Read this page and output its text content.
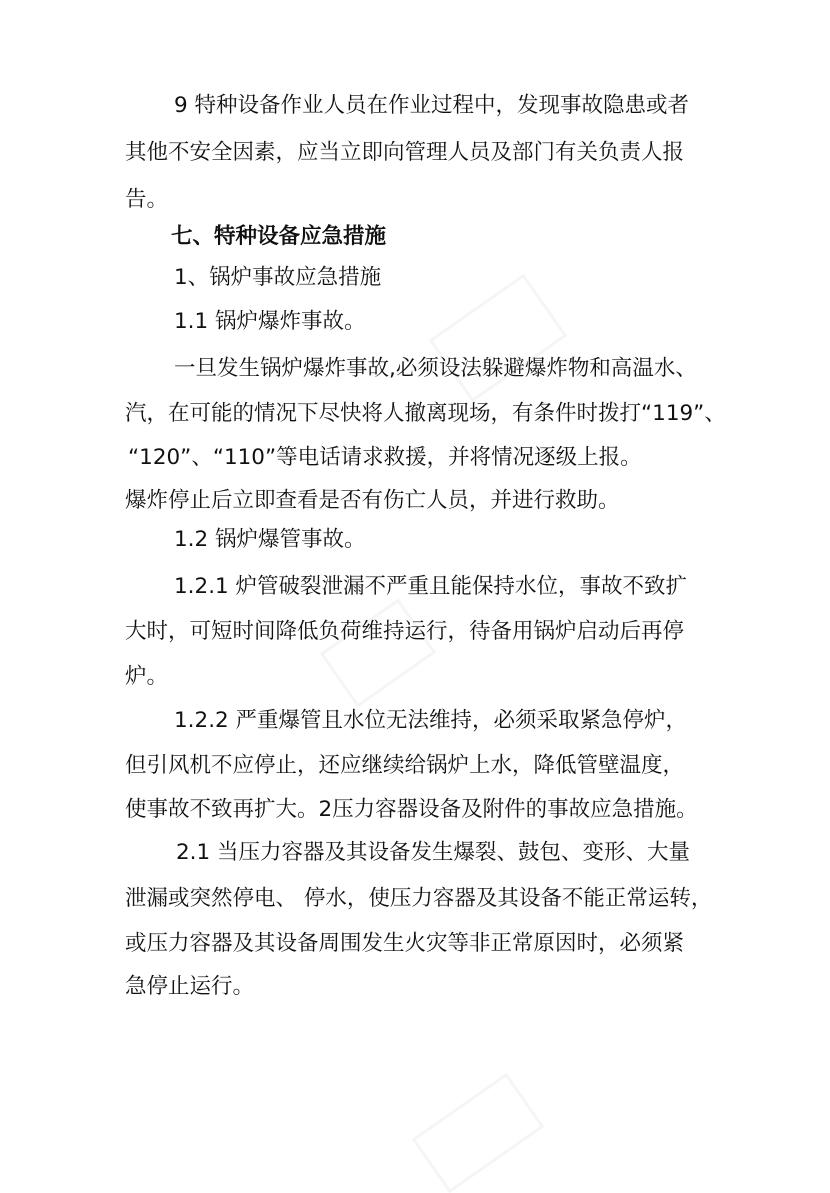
9 特种设备作业人员在作业过程中，发现事故隐患或者
其他不安全因素，应当立即向管理人员及部门有关负责人报
告。
七、特种设备应急措施
1、锅炉事故应急措施
1.1 锅炉爆炸事故。
一旦发生锅炉爆炸事故,必须设法躲避爆炸物和高温水、
汽，在可能的情况下尽快将人撤离现场，有条件时拨打“119”、
“120”、“110”等电话请求救援，并将情况逐级上报。
爆炸停止后立即查看是否有伤亡人员，并进行救助。
1.2 锅炉爆管事故。
1.2.1 炉管破裂泄漏不严重且能保持水位，事故不致扩
大时，可短时间降低负荷维持运行，待备用锅炉启动后再停
炉。
1.2.2 严重爆管且水位无法维持，必须采取紧急停炉，
但引风机不应停止，还应继续给锅炉上水，降低管壁温度，
使事故不致再扩大。2压力容器设备及附件的事故应急措施。
2.1 当压力容器及其设备发生爆裂、鼓包、变形、大量
泄漏或突然停电、 停水，使压力容器及其设备不能正常运转，
或压力容器及其设备周围发生火灾等非正常原因时，必须紧
急停止运行。
